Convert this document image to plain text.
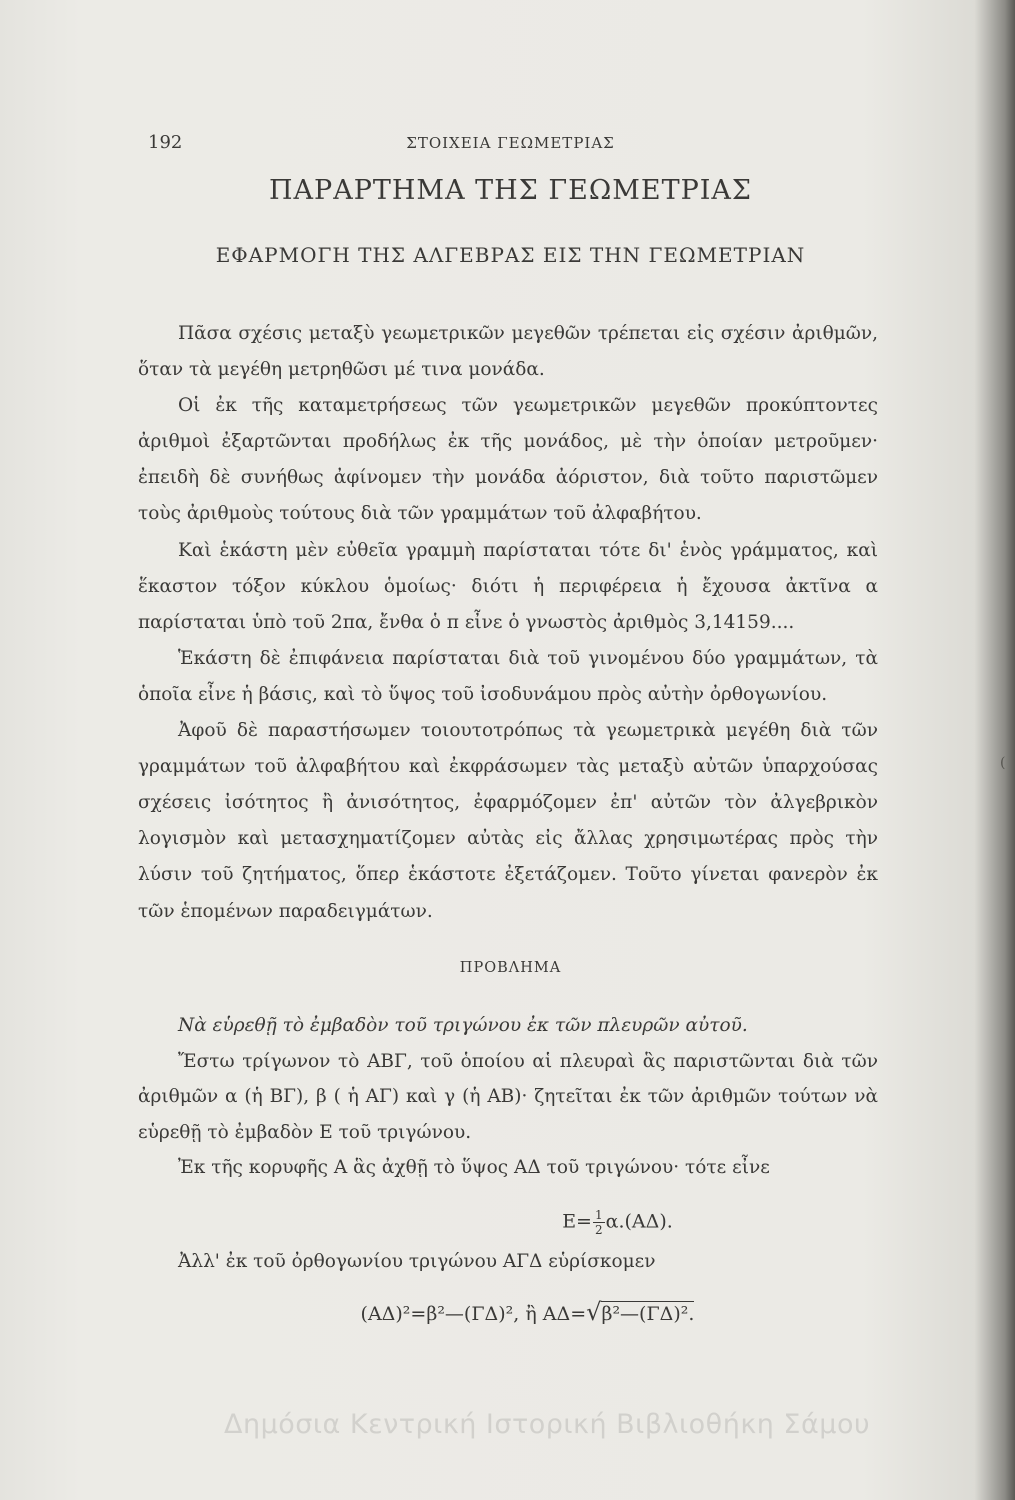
192	ΣΤΟΙΧΕΙΑ ΓΕΩΜΕΤΡΙΑΣ
ΠΑΡΑΡΤΗΜΑ ΤΗΣ ΓΕΩΜΕΤΡΙΑΣ
ΕΦΑΡΜΟΓΗ ΤΗΣ ΑΛΓΕΒΡΑΣ ΕΙΣ ΤΗΝ ΓΕΩΜΕΤΡΙΑΝ

Πᾶσα σχέσις μεταξὺ γεωμετρικῶν μεγεθῶν τρέπεται εἰς σχέσιν ἀριθμῶν, ὅταν τὰ μεγέθη μετρηθῶσι μέ τινα μονάδα.

Οἱ ἐκ τῆς καταμετρήσεως τῶν γεωμετρικῶν μεγεθῶν προκύπτοντες ἀριθμοὶ ἐξαρτῶνται προδήλως ἐκ τῆς μονάδος, μὲ τὴν ὁποίαν μετροῦμεν· ἐπειδὴ δὲ συνήθως ἀφίνομεν τὴν μονάδα ἀόριστον, διὰ τοῦτο παριστῶμεν τοὺς ἀριθμοὺς τούτους διὰ τῶν γραμμάτων τοῦ ἀλφαβήτου.

Καὶ ἑκάστη μὲν εὐθεῖα γραμμὴ παρίσταται τότε δι' ἑνὸς γράμματος, καὶ ἕκαστον τόξον κύκλου ὁμοίως· διότι ἡ περιφέρεια ἡ ἔχουσα ἀκτῖνα α παρίσταται ὑπὸ τοῦ 2πα, ἔνθα ὁ π εἶνε ὁ γνωστὸς ἀριθμὸς 3,14159....

Ἑκάστη δὲ ἐπιφάνεια παρίσταται διὰ τοῦ γινομένου δύο γραμμάτων, τὰ ὁποῖα εἶνε ἡ βάσις, καὶ τὸ ὕψος τοῦ ἰσοδυνάμου πρὸς αὐτὴν ὀρθογωνίου.

Ἀφοῦ δὲ παραστήσωμεν τοιουτοτρόπως τὰ γεωμετρικὰ μεγέθη διὰ τῶν γραμμάτων τοῦ ἀλφαβήτου καὶ ἐκφράσωμεν τὰς μεταξὺ αὐτῶν ὑπαρχούσας σχέσεις ἰσότητος ἢ ἀνισότητος, ἐφαρμόζομεν ἐπ' αὐτῶν τὸν ἀλγεβρικὸν λογισμὸν καὶ μετασχηματίζομεν αὐτὰς εἰς ἄλλας χρησιμωτέρας πρὸς τὴν λύσιν τοῦ ζητήματος, ὅπερ ἑκάστοτε ἐξετάζομεν. Τοῦτο γίνεται φανερὸν ἐκ τῶν ἑπομένων παραδειγμάτων.

ΠΡΟΒΛΗΜΑ

Νὰ εὑρεθῇ τὸ ἐμβαδὸν τοῦ τριγώνου ἐκ τῶν πλευρῶν αὐτοῦ.

Ἔστω τρίγωνον τὸ ΑΒΓ, τοῦ ὁποίου αἱ πλευραὶ ἃς παριστῶνται διὰ τῶν ἀριθμῶν α (ἡ ΒΓ), β ( ἡ ΑΓ) καὶ γ (ἡ ΑΒ)· ζητεῖται ἐκ τῶν ἀριθμῶν τούτων νὰ εὑρεθῇ τὸ ἐμβαδὸν Ε τοῦ τριγώνου.

Ἐκ τῆς κορυφῆς Α ἃς ἀχθῇ τὸ ὕψος ΑΔ τοῦ τριγώνου· τότε εἶνε

$E= \frac{1}{2} \alpha.(A\Delta)$.

Ἀλλ' ἐκ τοῦ ὀρθογωνίου τριγώνου ΑΓΔ εὑρίσκομεν

(ΑΔ)²=β²—(ΓΔ)², ἢ ΑΔ=√β²—(ΓΔ)².
Δημόσια Κεντρική Ιστορική Βιβλιοθήκη Σάμου
(
